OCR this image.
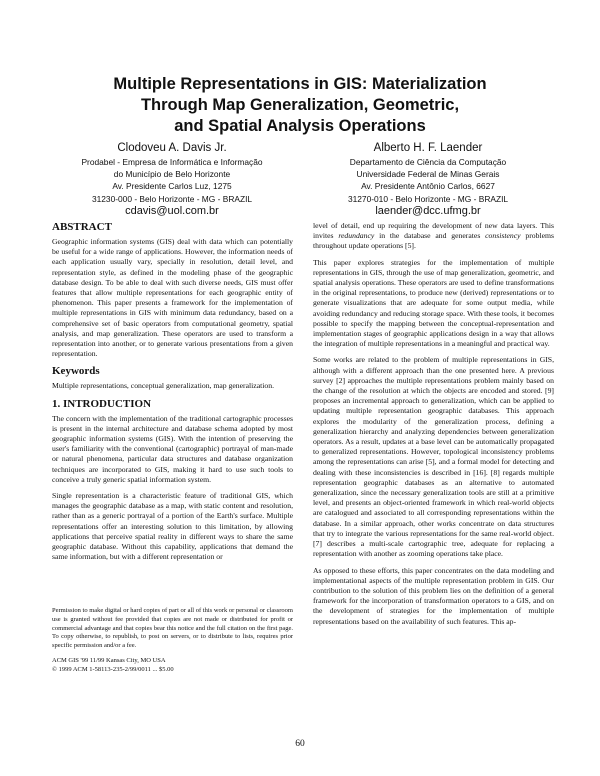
Multiple Representations in GIS: Materialization
Through Map Generalization, Geometric,
and Spatial Analysis Operations
Clodoveu A. Davis Jr.
Prodabel - Empresa de Informática e Informação
do Município de Belo Horizonte
Av. Presidente Carlos Luz, 1275
31230-000 - Belo Horizonte - MG - BRAZIL
cdavis@uol.com.br
Alberto H. F. Laender
Departamento de Ciência da Computação
Universidade Federal de Minas Gerais
Av. Presidente Antônio Carlos, 6627
31270-010 - Belo Horizonte - MG - BRAZIL
laender@dcc.ufmg.br
ABSTRACT

Geographic information systems (GIS) deal with data which can potentially be useful for a wide range of applications. However, the information needs of each application usually vary, specially in resolution, detail level, and representation style, as defined in the modeling phase of the geographic database design. To be able to deal with such diverse needs, GIS must offer features that allow multiple representations for each geographic entity of phenomenon. This paper presents a framework for the implementation of multiple representations in GIS with minimum data redundancy, based on a comprehensive set of basic operators from computational geometry, spatial analysis, and map generalization. These operators are used to transform a representation into another, or to generate various presentations from a given representation.

Keywords

Multiple representations, conceptual generalization, map generalization.

1. INTRODUCTION

The concern with the implementation of the traditional cartographic processes is present in the internal architecture and database schema adopted by most geographic information systems (GIS). With the intention of preserving the user's familiarity with the conventional (cartographic) portrayal of man-made or natural phenomena, particular data structures and database organization techniques are incorporated to GIS, making it hard to use such tools to conceive a truly generic spatial information system.

Single representation is a characteristic feature of traditional GIS, which manages the geographic database as a map, with static content and resolution, rather than as a generic portrayal of a portion of the Earth's surface. Multiple representations offer an interesting solution to this limitation, by allowing applications that perceive spatial reality in different ways to share the same geographic database. Without this capability, applications that demand the same information, but with a different representation or

Permission to make digital or hard copies of part or all of this work or personal or classroom use is granted without fee provided that copies are not made or distributed for profit or commercial advantage and that copies bear this notice and the full citation on the first page. To copy otherwise, to republish, to post on servers, or to distribute to lists, requires prior specific permission and/or a fee.

ACM GIS '99 11/99 Kansas City, MO USA
© 1999 ACM 1-58113-235-2/99/0011 ... $5.00

level of detail, end up requiring the development of new data layers. This invites redundancy in the database and generates consistency problems throughout update operations [5].

This paper explores strategies for the implementation of multiple representations in GIS, through the use of map generalization, geometric, and spatial analysis operations. These operators are used to define transformations in the original representations, to produce new (derived) representations or to generate visualizations that are adequate for some output media, while avoiding redundancy and reducing storage space. With these tools, it becomes possible to specify the mapping between the conceptual-representation and implementation stages of geographic applications design in a way that allows the integration of multiple representations in a meaningful and practical way.

Some works are related to the problem of multiple representations in GIS, although with a different approach than the one presented here. A previous survey [2] approaches the multiple representations problem mainly based on the change of the resolution at which the objects are encoded and stored. [9] proposes an incremental approach to generalization, which can be applied to updating multiple representation geographic databases. This approach explores the modularity of the generalization process, defining a generalization hierarchy and analyzing dependencies between generalization operators. As a result, updates at a base level can be automatically propagated to generalized representations. However, topological inconsistency problems among the representations can arise [5], and a formal model for detecting and dealing with these inconsistencies is described in [16]. [8] regards multiple representation geographic databases as an alternative to automated generalization, since the necessary generalization tools are still at a primitive level, and presents an object-oriented framework in which real-world objects are catalogued and associated to all corresponding representations within the database. In a similar approach, other works concentrate on data structures that try to integrate the various representations for the same real-world object. [7] describes a multi-scale cartographic tree, adequate for replacing a representation with another as zooming operations take place.

As opposed to these efforts, this paper concentrates on the data modeling and implementational aspects of the multiple representation problem in GIS. Our contribution to the solution of this problem lies on the definition of a general framework for the incorporation of transformation operators to a GIS, and on the development of strategies for the implementation of multiple representations based on the availability of such features. This ap-

60
